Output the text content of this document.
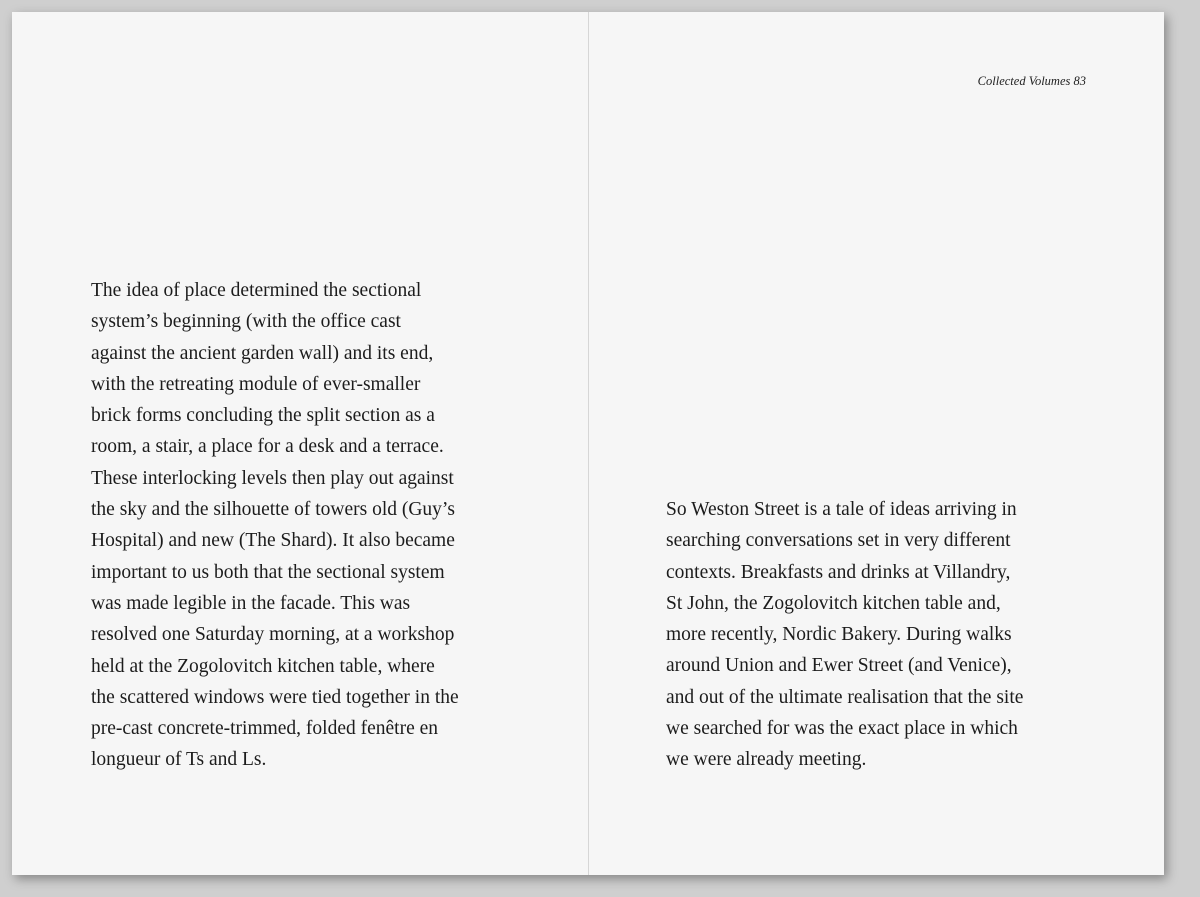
The idea of place determined the sectional
system’s beginning (with the office cast
against the ancient garden wall) and its end,
with the retreating module of ever-smaller
brick forms concluding the split section as a
room, a stair, a place for a desk and a terrace.
These interlocking levels then play out against
the sky and the silhouette of towers old (Guy’s
Hospital) and new (The Shard). It also became
important to us both that the sectional system
was made legible in the facade. This was
resolved one Saturday morning, at a workshop
held at the Zogolovitch kitchen table, where
the scattered windows were tied together in the
pre-cast concrete-trimmed, folded fenêtre en
longueur of Ts and Ls.

Collected Volumes 83

So Weston Street is a tale of ideas arriving in
searching conversations set in very different
contexts. Breakfasts and drinks at Villandry,
St John, the Zogolovitch kitchen table and,
more recently, Nordic Bakery. During walks
around Union and Ewer Street (and Venice),
and out of the ultimate realisation that the site
we searched for was the exact place in which
we were already meeting.
